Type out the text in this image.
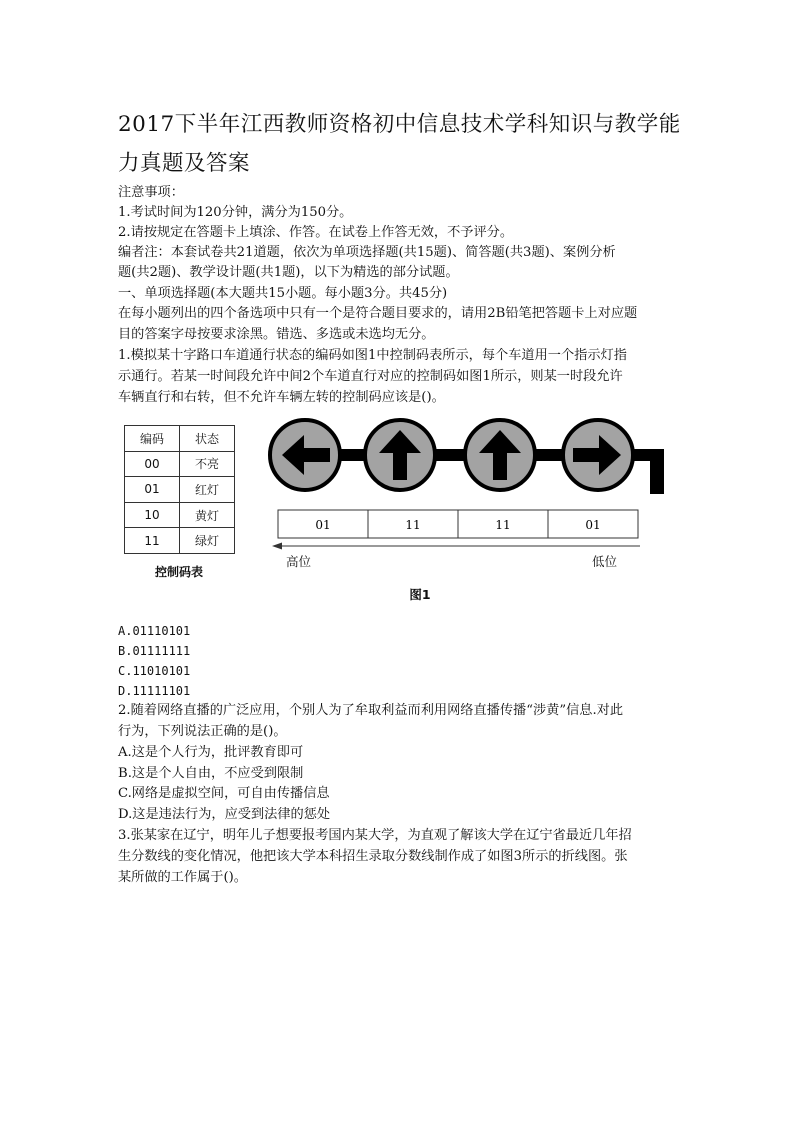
2017下半年江西教师资格初中信息技术学科知识与教学能
力真题及答案
注意事项：
1.考试时间为120分钟，满分为150分。
2.请按规定在答题卡上填涂、作答。在试卷上作答无效，不予评分。
编者注：本套试卷共21道题，依次为单项选择题(共15题)、简答题(共3题)、案例分析
题(共2题)、教学设计题(共1题)，以下为精选的部分试题。
一、单项选择题(本大题共15小题。每小题3分。共45分)
在每小题列出的四个备选项中只有一个是符合题目要求的，请用2B铅笔把答题卡上对应题
目的答案字母按要求涂黑。错选、多选或未选均无分。
1.模拟某十字路口车道通行状态的编码如图1中控制码表所示，每个车道用一个指示灯指
示通行。若某一时间段允许中间2个车道直行对应的控制码如图1所示，则某一时段允许
车辆直行和右转，但不允许车辆左转的控制码应该是()。
编码	状态
00	不亮
01	红灯
10	黄灯
11	绿灯
控制码表
01	11	11	01
高位	低位
图1
A.01110101
B.01111111
C.11010101
D.11111101
2.随着网络直播的广泛应用，个别人为了牟取利益而利用网络直播传播“涉黄”信息.对此
行为，下列说法正确的是()。
A.这是个人行为，批评教育即可
B.这是个人自由，不应受到限制
C.网络是虚拟空间，可自由传播信息
D.这是违法行为，应受到法律的惩处
3.张某家在辽宁，明年儿子想要报考国内某大学，为直观了解该大学在辽宁省最近几年招
生分数线的变化情况，他把该大学本科招生录取分数线制作成了如图3所示的折线图。张
某所做的工作属于()。
